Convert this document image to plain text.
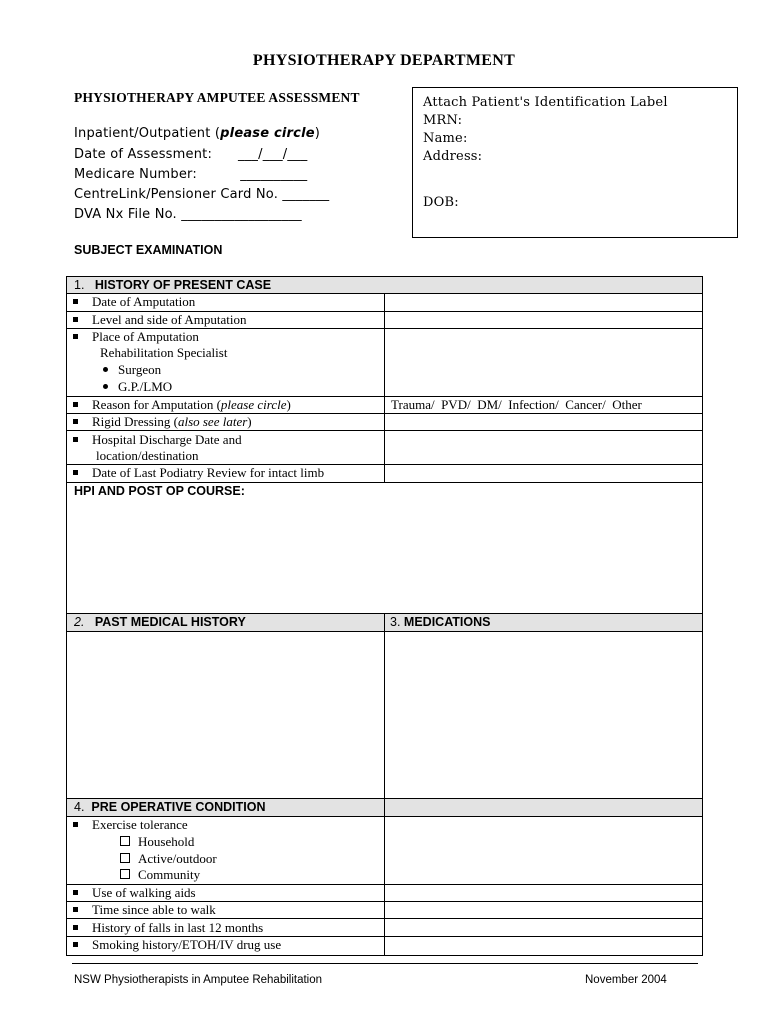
PHYSIOTHERAPY DEPARTMENT
PHYSIOTHERAPY AMPUTEE ASSESSMENT
Inpatient/Outpatient (please circle)
Date of Assessment:      ___/___/___
Medicare Number:          __________
CentreLink/Pensioner Card No. _______
DVA Nx File No. __________________
Attach Patient's Identification Label
MRN:
Name:
Address:
DOB:
SUBJECT EXAMINATION
1. HISTORY OF PRESENT CASE
Date of Amputation
Level and side of Amputation
Place of Amputation
Rehabilitation Specialist
Surgeon
G.P./LMO
Reason for Amputation (please circle)	Trauma/  PVD/  DM/  Infection/  Cancer/  Other
Rigid Dressing (also see later)
Hospital Discharge Date and
location/destination
Date of Last Podiatry Review for intact limb
HPI AND POST OP COURSE:
2. PAST MEDICAL HISTORY	3. MEDICATIONS
4. PRE OPERATIVE CONDITION
Exercise tolerance
Household
Active/outdoor
Community
Use of walking aids
Time since able to walk
History of falls in last 12 months
Smoking history/ETOH/IV drug use
NSW Physiotherapists in Amputee Rehabilitation	November 2004
